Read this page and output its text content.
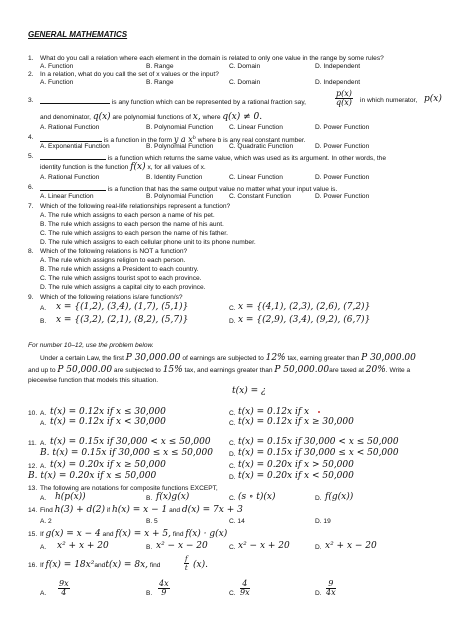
GENERAL MATHEMATICS
1. What do you call a relation where each element in the domain is related to only one value in the range by some rules?
A. Function	B. Range	C. Domain	D. Independent
2. In a relation, what do you call the set of x values or the input?
A. Function	B. Range	C. Domain	D. Independent
3.	is any function which can be represented by a rational fraction say,	$\frac{p(x)}{q(x)}$ in which numerator, p(x)
and denominator, q(x) are polynomial functions of x, where q(x) ≠ 0.
A. Rational Function	B. Polynomial Function C. Linear Function	D. Power Function
4.	is a function in the form y a $x^b$ where b is any real constant number.
A. Exponential Function	B. Polynomial Function C. Quadratic Function	D. Power Function
5.	is a function which returns the same value, which was used as its argument. In other words, the
identity function is the function f(x) x, for all values of x.
A. Rational Function	B. Identity Function	C. Linear Function	D. Power Function
6.	is a function that has the same output value no matter what your input value is.
A. Linear Function	B. Polynomial Function C. Constant Function	D. Power Function
7. Which of the following real-life relationships represent a function?
A. The rule which assigns to each person a name of his pet.
B. The rule which assigns to each person the name of his aunt.
C. The rule which assigns to each person the name of his father.
D. The rule which assigns to each cellular phone unit to its phone number.
8. Which of the following relations is NOT a function?
A. The rule which assigns religion to each person.
B. The rule which assigns a President to each country.
C. The rule which assigns tourist spot to each province.
D. The rule which assigns a capital city to each province.
9. Which of the following relations is/are function/s?
A. x = {(1,2), (3,4), (1,7), (5,1)}	C. x = {(4,1), (2,3), (2,6), (7,2)}
B. x = {(3,2), (2,1), (8,2), (5,7)}	D. x = {(2,9), (3,4), (9,2), (6,7)}
For number 10–12, use the problem below.
Under a certain Law, the first P 30,000.00 of earnings are subjected to 12% tax, earning greater than P 30,000.00
and up to P 50,000.00 are subjected to 15% tax, and earnings greater than P 50,000.00are taxed at 20%. Write a
piecewise function that models this situation.
t(x) = ¿
10. A. t(x) = 0.12x if x ≤ 30,000	C. t(x) = 0.12x if x
A. t(x) = 0.12x if x < 30,000	C. t(x) = 0.12x if x ≥ 30,000
11. A. t(x) = 0.15x if 30,000 < x ≤ 50,000	C. t(x) = 0.15x if 30,000 < x ≤ 50,000
B. t(x) = 0.15x if 30,000 ≤ x ≤ 50,000 D. t(x) = 0.15x if 30,000 ≤ x < 50,000
12. A. t(x) = 0.20x if x ≥ 50,000	C. t(x) = 0.20x if x > 50,000
B. t(x) = 0.20x if x ≤ 50,000	D. t(x) = 0.20x if x < 50,000
13. The following are notations for composite functions EXCEPT,
A. h(p(x))	B. f(x)g(x)	C. (s ∘ t)(x)	D. f(g(x))
14. Find h(3) + d(2) if h(x) = x − 1 and d(x) = 7x + 3
A. 2	B. 5	C. 14	D. 19
15. If g(x) = x − 4 and f(x) = x + 5, find f(x) · g(x)
A. x² + x + 20	B. x² − x − 20	C. x² − x + 20	D. x² + x − 20
16. If f(x) = 18x²andt(x) = 8x, find	$\frac{f}{t} (x)$.
A. $\frac{9x}{4}$	B. $\frac{4x}{9}$	C. $\frac{4}{9x}$	D. $\frac{9}{4x}$
